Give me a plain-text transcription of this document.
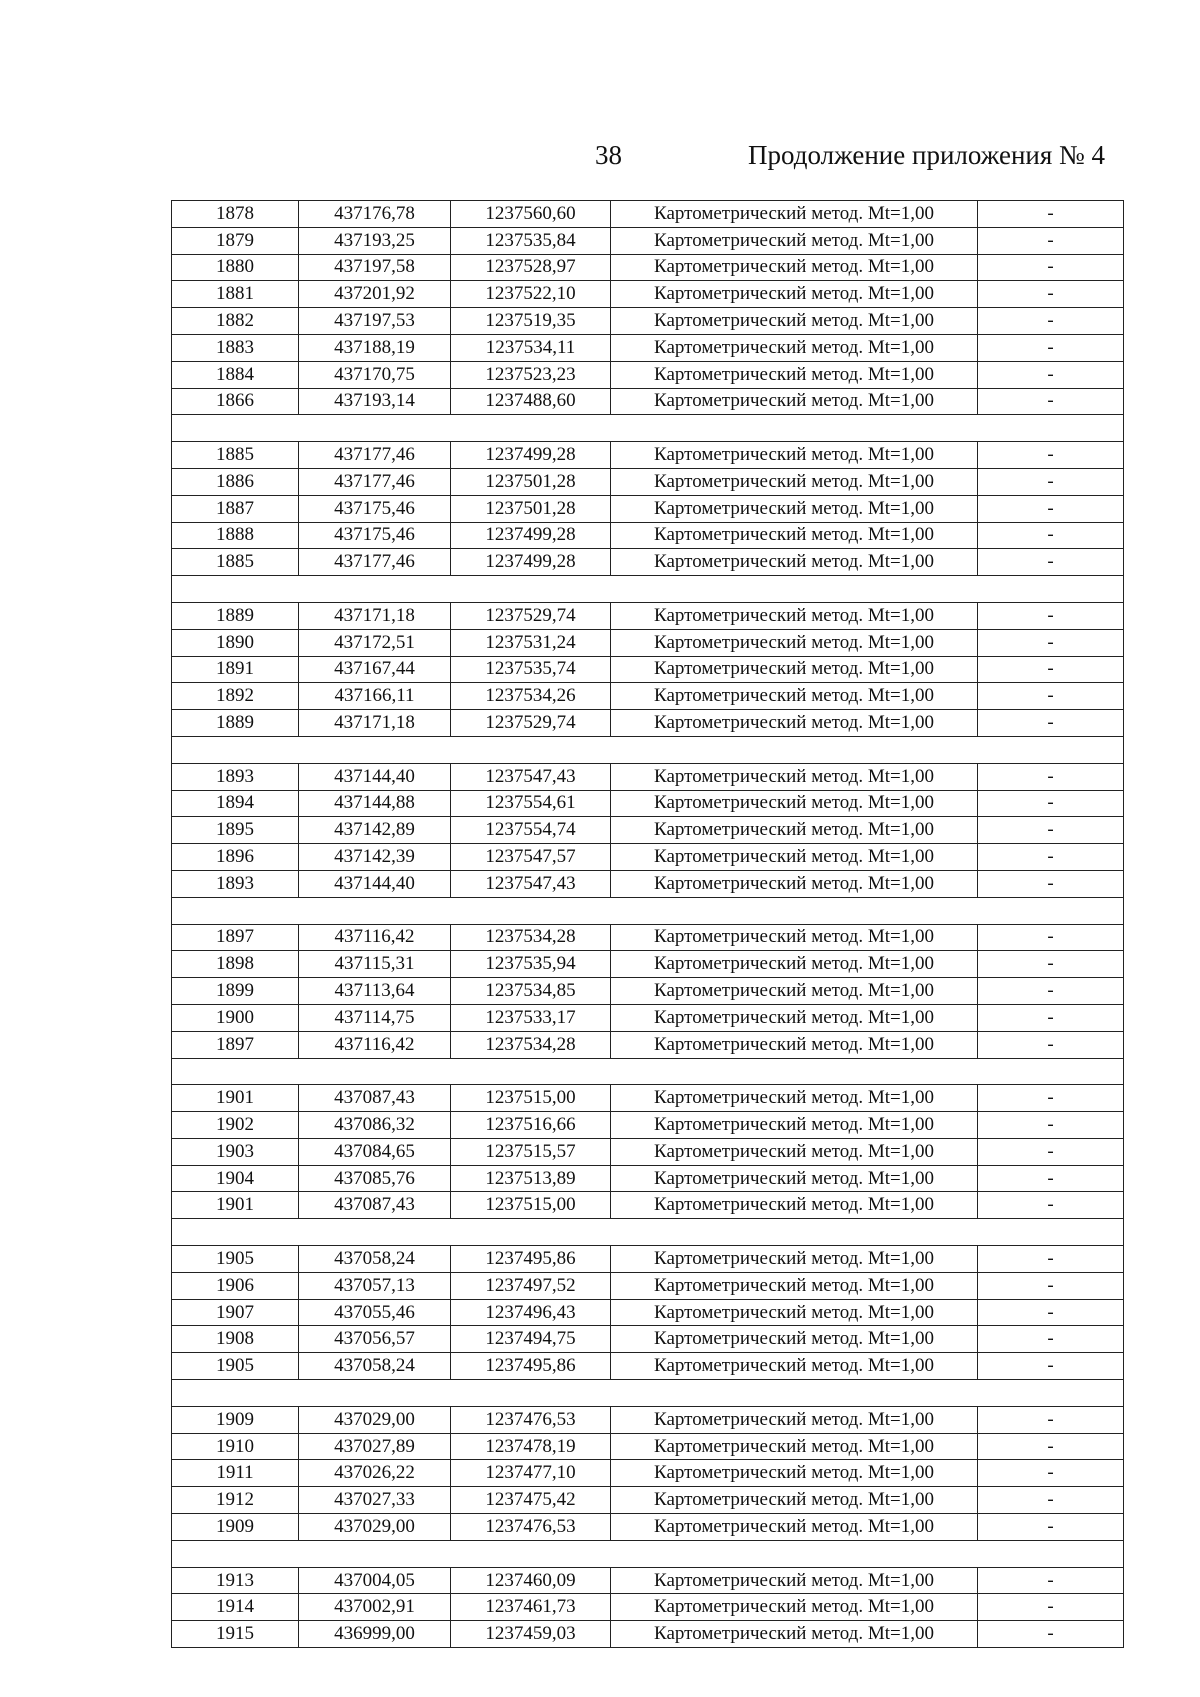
38	Продолжение приложения № 4
1878	437176,78	1237560,60	Картометрический метод. Mt=1,00	-
1879	437193,25	1237535,84	Картометрический метод. Mt=1,00	-
1880	437197,58	1237528,97	Картометрический метод. Mt=1,00	-
1881	437201,92	1237522,10	Картометрический метод. Mt=1,00	-
1882	437197,53	1237519,35	Картометрический метод. Mt=1,00	-
1883	437188,19	1237534,11	Картометрический метод. Mt=1,00	-
1884	437170,75	1237523,23	Картометрический метод. Mt=1,00	-
1866	437193,14	1237488,60	Картометрический метод. Mt=1,00	-

1885	437177,46	1237499,28	Картометрический метод. Mt=1,00	-
1886	437177,46	1237501,28	Картометрический метод. Mt=1,00	-
1887	437175,46	1237501,28	Картометрический метод. Mt=1,00	-
1888	437175,46	1237499,28	Картометрический метод. Mt=1,00	-
1885	437177,46	1237499,28	Картометрический метод. Mt=1,00	-

1889	437171,18	1237529,74	Картометрический метод. Mt=1,00	-
1890	437172,51	1237531,24	Картометрический метод. Mt=1,00	-
1891	437167,44	1237535,74	Картометрический метод. Mt=1,00	-
1892	437166,11	1237534,26	Картометрический метод. Mt=1,00	-
1889	437171,18	1237529,74	Картометрический метод. Mt=1,00	-

1893	437144,40	1237547,43	Картометрический метод. Mt=1,00	-
1894	437144,88	1237554,61	Картометрический метод. Mt=1,00	-
1895	437142,89	1237554,74	Картометрический метод. Mt=1,00	-
1896	437142,39	1237547,57	Картометрический метод. Mt=1,00	-
1893	437144,40	1237547,43	Картометрический метод. Mt=1,00	-

1897	437116,42	1237534,28	Картометрический метод. Mt=1,00	-
1898	437115,31	1237535,94	Картометрический метод. Mt=1,00	-
1899	437113,64	1237534,85	Картометрический метод. Mt=1,00	-
1900	437114,75	1237533,17	Картометрический метод. Mt=1,00	-
1897	437116,42	1237534,28	Картометрический метод. Mt=1,00	-

1901	437087,43	1237515,00	Картометрический метод. Mt=1,00	-
1902	437086,32	1237516,66	Картометрический метод. Mt=1,00	-
1903	437084,65	1237515,57	Картометрический метод. Mt=1,00	-
1904	437085,76	1237513,89	Картометрический метод. Mt=1,00	-
1901	437087,43	1237515,00	Картометрический метод. Mt=1,00	-

1905	437058,24	1237495,86	Картометрический метод. Mt=1,00	-
1906	437057,13	1237497,52	Картометрический метод. Mt=1,00	-
1907	437055,46	1237496,43	Картометрический метод. Mt=1,00	-
1908	437056,57	1237494,75	Картометрический метод. Mt=1,00	-
1905	437058,24	1237495,86	Картометрический метод. Mt=1,00	-

1909	437029,00	1237476,53	Картометрический метод. Mt=1,00	-
1910	437027,89	1237478,19	Картометрический метод. Mt=1,00	-
1911	437026,22	1237477,10	Картометрический метод. Mt=1,00	-
1912	437027,33	1237475,42	Картометрический метод. Mt=1,00	-
1909	437029,00	1237476,53	Картометрический метод. Mt=1,00	-

1913	437004,05	1237460,09	Картометрический метод. Mt=1,00	-
1914	437002,91	1237461,73	Картометрический метод. Mt=1,00	-
1915	436999,00	1237459,03	Картометрический метод. Mt=1,00	-
